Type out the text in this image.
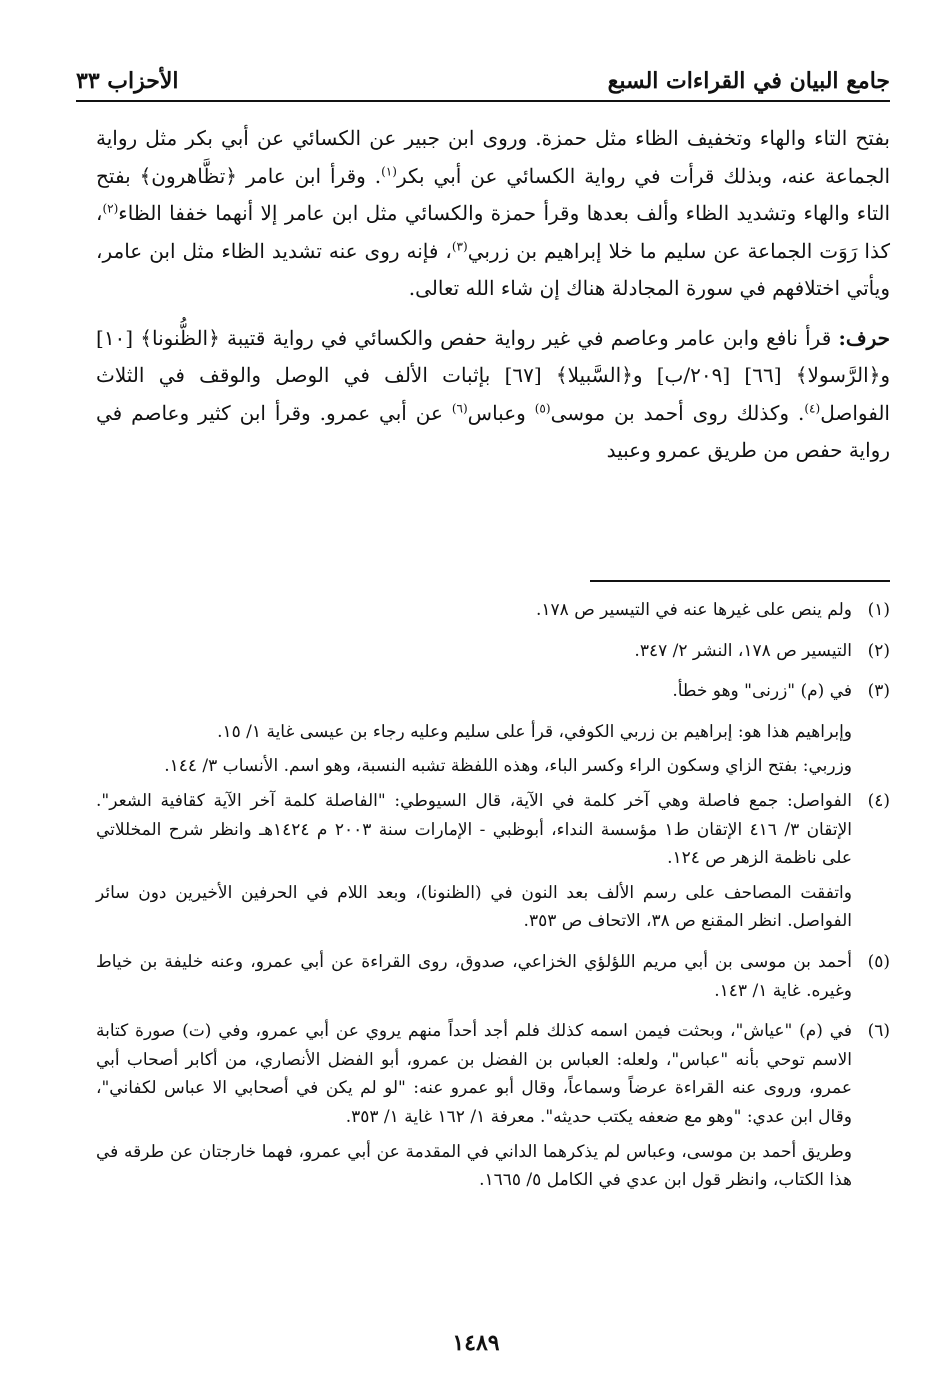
جامع البيان في القراءات السبع
الأحزاب ٣٣

بفتح التاء والهاء وتخفيف الظاء مثل حمزة. وروى ابن جبير عن الكسائي عن أبي بكر مثل رواية الجماعة عنه، وبذلك قرأت في رواية الكسائي عن أبي بكر$^{(١)}$. وقرأ ابن عامر ﴿تظَّاهرون﴾ بفتح التاء والهاء وتشديد الظاء وألف بعدها وقرأ حمزة والكسائي مثل ابن عامر إلا أنهما خففا الظاء$^{(٢)}$، كذا رَوَت الجماعة عن سليم ما خلا إبراهيم بن زربي$^{(٣)}$، فإنه روى عنه تشديد الظاء مثل ابن عامر، ويأتي اختلافهم في سورة المجادلة هناك إن شاء الله تعالى.

حرف: قرأ نافع وابن عامر وعاصم في غير رواية حفص والكسائي في رواية قتيبة ﴿الظُّنونا﴾ [١٠] و﴿الرَّسولا﴾ [٦٦] [٢٠٩/ب] و﴿السَّبيلا﴾ [٦٧] بإثبات الألف في الوصل والوقف في الثلاث الفواصل$^{(٤)}$. وكذلك روى أحمد بن موسى$^{(٥)}$ وعباس$^{(٦)}$ عن أبي عمرو. وقرأ ابن كثير وعاصم في رواية حفص من طريق عمرو وعبيد

(١)

ولم ينص على غيرها عنه في التيسير ص ١٧٨.

(٢)

التيسير ص ١٧٨، النشر ٢/ ٣٤٧.

(٣)

في (م) "زرنى" وهو خطأ.

وإبراهيم هذا هو: إبراهيم بن زربي الكوفي، قرأ على سليم وعليه رجاء بن عيسى غاية ١/ ١٥.

وزربي: بفتح الزاي وسكون الراء وكسر الباء، وهذه اللفظة تشبه النسبة، وهو اسم. الأنساب ٣/ ١٤٤.

(٤)

الفواصل: جمع فاصلة وهي آخر كلمة في الآية، قال السيوطي: "الفاصلة كلمة آخر الآية كقافية الشعر". الإتقان ٣/ ٤١٦ الإتقان ط١ مؤسسة النداء، أبوظبي - الإمارات سنة ٢٠٠٣ م ١٤٢٤هـ وانظر شرح المخللاتي على ناظمة الزهر ص ١٢٤.

واتفقت المصاحف على رسم الألف بعد النون في (الظنونا)، وبعد اللام في الحرفين الأخيرين دون سائر الفواصل. انظر المقنع ص ٣٨، الاتحاف ص ٣٥٣.

(٥)

أحمد بن موسى بن أبي مريم اللؤلؤي الخزاعي، صدوق، روى القراءة عن أبي عمرو، وعنه خليفة بن خياط وغيره. غاية ١/ ١٤٣.

(٦)

في (م) "عياش"، وبحثت فيمن اسمه كذلك فلم أجد أحداً منهم يروي عن أبي عمرو، وفي (ت) صورة كتابة الاسم توحي بأنه "عباس"، ولعله: العباس بن الفضل بن عمرو، أبو الفضل الأنصاري، من أكابر أصحاب أبي عمرو، وروى عنه القراءة عرضاً وسماعاً، وقال أبو عمرو عنه: "لو لم يكن في أصحابي الا عباس لكفاني"، وقال ابن عدي: "وهو مع ضعفه يكتب حديثه". معرفة ١/ ١٦٢ غاية ١/ ٣٥٣.

وطريق أحمد بن موسى، وعباس لم يذكرهما الداني في المقدمة عن أبي عمرو، فهما خارجتان عن طرقه في هذا الكتاب، وانظر قول ابن عدي في الكامل ٥/ ١٦٦٥.

١٤٨٩
